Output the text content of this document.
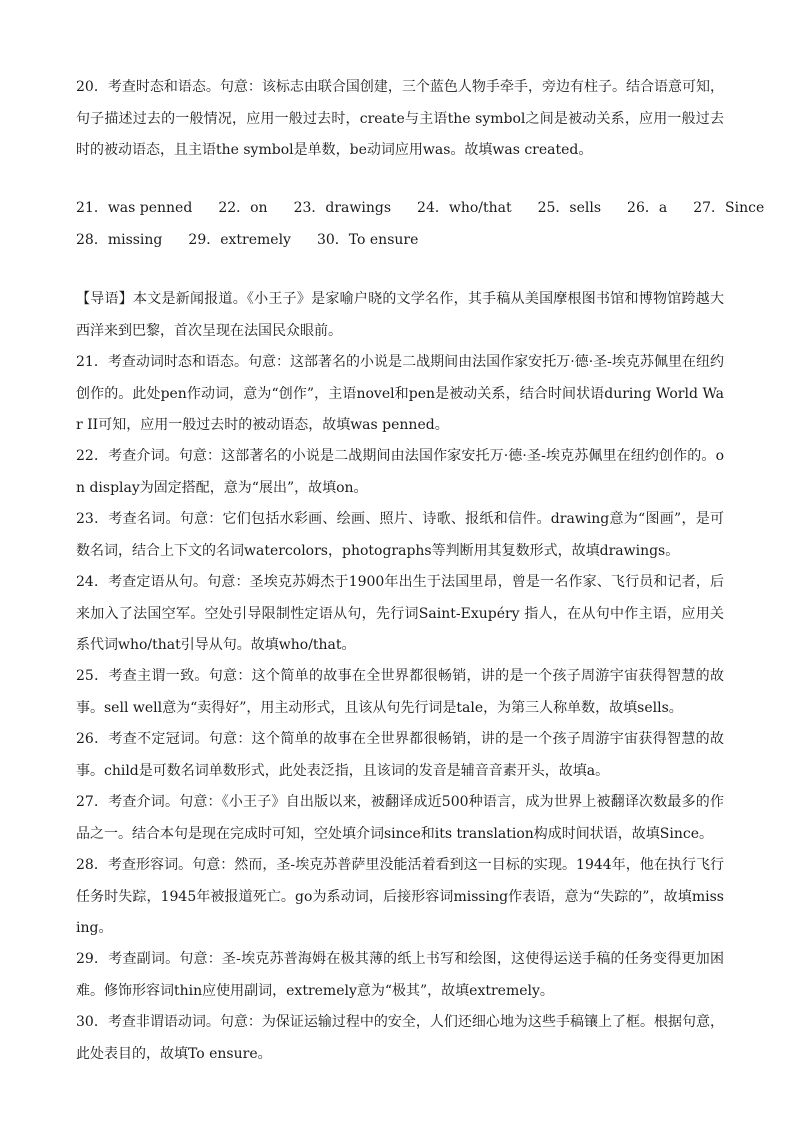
20．考查时态和语态。句意：该标志由联合国创建，三个蓝色人物手牵手，旁边有柱子。结合语意可知，句子描述过去的一般情况，应用一般过去时，create与主语the symbol之间是被动关系，应用一般过去时的被动语态，且主语the symbol是单数，be动词应用was。故填was created。
21．was penned 22．on 23．drawings 24．who/that 25．sells 26．a 27．Since
28．missing 29．extremely 30．To ensure
【导语】本文是新闻报道。《小王子》是家喻户晓的文学名作，其手稿从美国摩根图书馆和博物馆跨越大西洋来到巴黎，首次呈现在法国民众眼前。
21．考查动词时态和语态。句意：这部著名的小说是二战期间由法国作家安托万·德·圣-埃克苏佩里在纽约创作的。此处pen作动词，意为“创作”，主语novel和pen是被动关系，结合时间状语during World War II可知，应用一般过去时的被动语态，故填was penned。
22．考查介词。句意：这部著名的小说是二战期间由法国作家安托万·德·圣-埃克苏佩里在纽约创作的。on display为固定搭配，意为“展出”，故填on。
23．考查名词。句意：它们包括水彩画、绘画、照片、诗歌、报纸和信件。drawing意为“图画”，是可数名词，结合上下文的名词watercolors，photographs等判断用其复数形式，故填drawings。
24．考查定语从句。句意：圣埃克苏姆杰于1900年出生于法国里昂，曾是一名作家、飞行员和记者，后来加入了法国空军。空处引导限制性定语从句，先行词Saint-Exupéry 指人，在从句中作主语，应用关系代词who/that引导从句。故填who/that。
25．考查主谓一致。句意：这个简单的故事在全世界都很畅销，讲的是一个孩子周游宇宙获得智慧的故事。sell well意为“卖得好”，用主动形式，且该从句先行词是tale，为第三人称单数，故填sells。
26．考查不定冠词。句意：这个简单的故事在全世界都很畅销，讲的是一个孩子周游宇宙获得智慧的故事。child是可数名词单数形式，此处表泛指，且该词的发音是辅音音素开头，故填a。
27．考查介词。句意：《小王子》自出版以来，被翻译成近500种语言，成为世界上被翻译次数最多的作品之一。结合本句是现在完成时可知，空处填介词since和its translation构成时间状语，故填Since。
28．考查形容词。句意：然而，圣-埃克苏普萨里没能活着看到这一目标的实现。1944年，他在执行飞行任务时失踪，1945年被报道死亡。go为系动词，后接形容词missing作表语，意为“失踪的”，故填missing。
29．考查副词。句意：圣-埃克苏普海姆在极其薄的纸上书写和绘图，这使得运送手稿的任务变得更加困难。修饰形容词thin应使用副词，extremely意为“极其”，故填extremely。
30．考查非谓语动词。句意：为保证运输过程中的安全，人们还细心地为这些手稿镶上了框。根据句意，此处表目的，故填To ensure。
